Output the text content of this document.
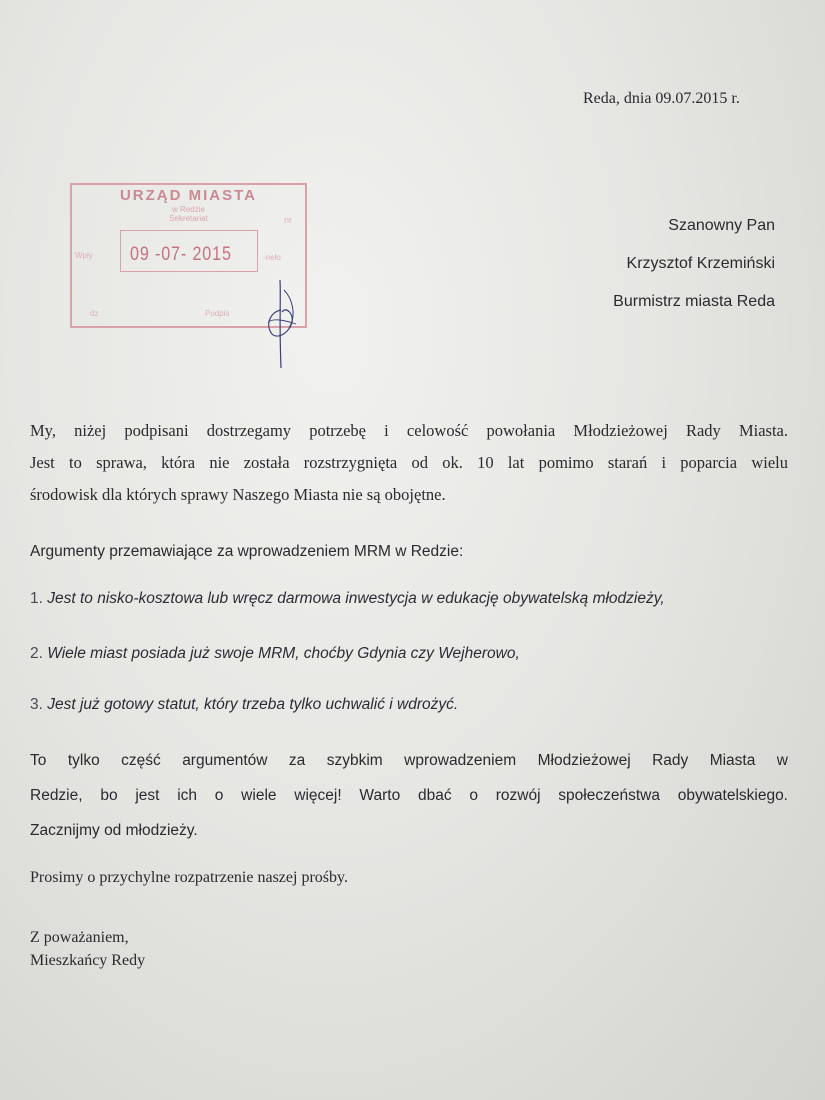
Reda, dnia 09.07.2015 r.
URZĄD MIASTA
w Redzie
Sekretariat
Wpły 09 -07- 2015	-neło
dz	Podpis
nr	Szanowny Pan
Krzysztof Krzemiński
Burmistrz miasta Reda
My, niżej podpisani dostrzegamy potrzebę i celowość powołania Młodzieżowej Rady Miasta.
Jest to sprawa, która nie została rozstrzygnięta od ok. 10 lat pomimo starań i poparcia wielu
środowisk dla których sprawy Naszego Miasta nie są obojętne.
Argumenty przemawiające za wprowadzeniem MRM w Redzie:
1. Jest to nisko-kosztowa lub wręcz darmowa inwestycja w edukację obywatelską młodzieży,
2. Wiele miast posiada już swoje MRM, choćby Gdynia czy Wejherowo,
3. Jest już gotowy statut, który trzeba tylko uchwalić i wdrożyć.
To tylko część argumentów za szybkim wprowadzeniem Młodzieżowej Rady Miasta w
Redzie, bo jest ich o wiele więcej! Warto dbać o rozwój społeczeństwa obywatelskiego.
Zacznijmy od młodzieży.
Prosimy o przychylne rozpatrzenie naszej prośby.
Z poważaniem,
Mieszkańcy Redy
